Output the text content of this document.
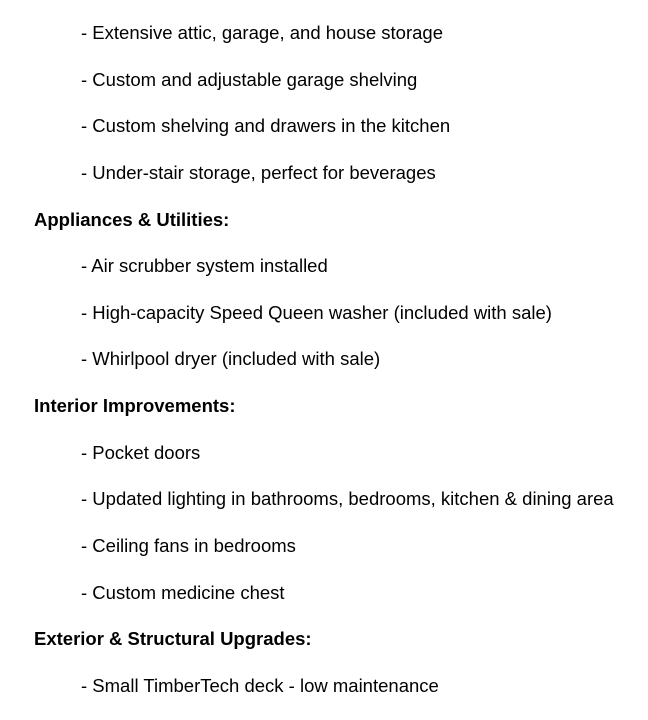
- Extensive attic, garage, and house storage
- Custom and adjustable garage shelving
- Custom shelving and drawers in the kitchen
- Under-stair storage, perfect for beverages
Appliances & Utilities:
- Air scrubber system installed
- High-capacity Speed Queen washer (included with sale)
- Whirlpool dryer (included with sale)
Interior Improvements:
- Pocket doors
- Updated lighting in bathrooms, bedrooms, kitchen & dining area
- Ceiling fans in bedrooms
- Custom medicine chest
Exterior & Structural Upgrades:
- Small TimberTech deck - low maintenance
